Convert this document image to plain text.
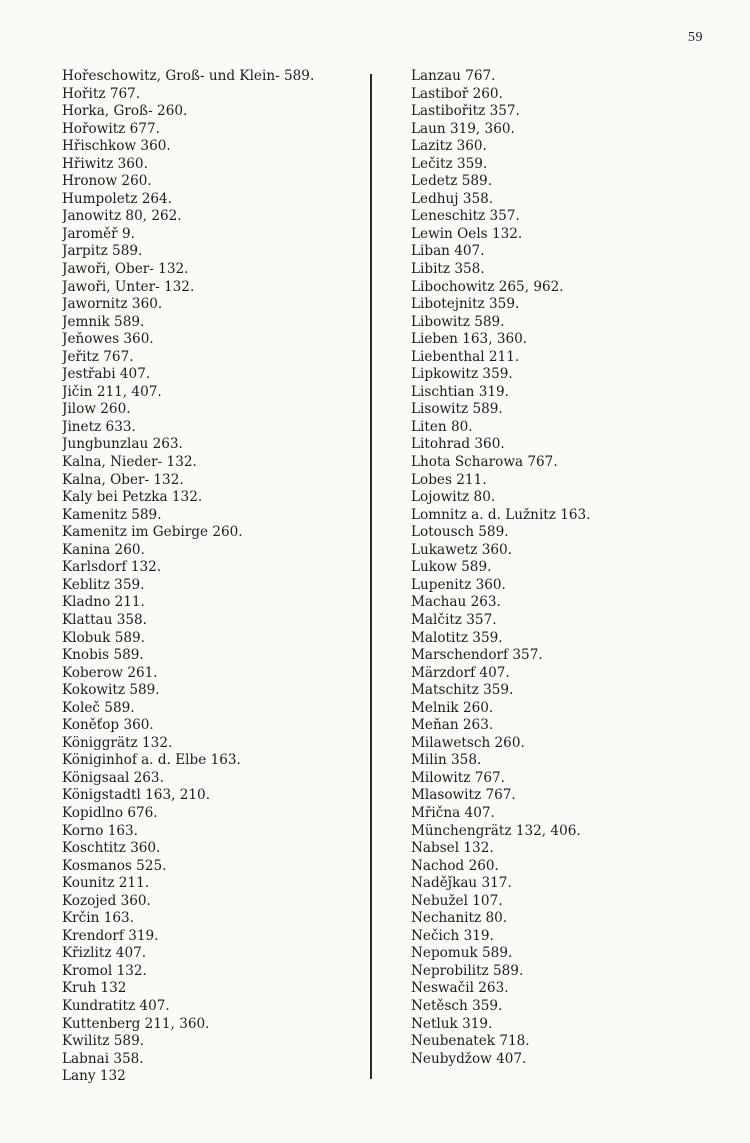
59
Hořeschowitz, Groß- und Klein- 589.
Hořitz 767.
Horka, Groß- 260.
Hořowitz 677.
Hřischkow 360.
Hřiwitz 360.
Hronow 260.
Humpoletz 264.
Janowitz 80, 262.
Jaroměř 9.
Jarpitz 589.
Jawoři, Ober- 132.
Jawoři, Unter- 132.
Jawornitz 360.
Jemnik 589.
Jeňowes 360.
Jeřitz 767.
Jestřabi 407.
Jičin 211, 407.
Jilow 260.
Jinetz 633.
Jungbunzlau 263.
Kalna, Nieder- 132.
Kalna, Ober- 132.
Kaly bei Petzka 132.
Kamenitz 589.
Kamenitz im Gebirge 260.
Kanina 260.
Karlsdorf 132.
Keblitz 359.
Kladno 211.
Klattau 358.
Klobuk 589.
Knobis 589.
Koberow 261.
Kokowitz 589.
Koleč 589.
Koněťop 360.
Königgrätz 132.
Königinhof a. d. Elbe 163.
Königsaal 263.
Königstadtl 163, 210.
Kopidlno 676.
Korno 163.
Koschtitz 360.
Kosmanos 525.
Kounitz 211.
Kozojed 360.
Krčin 163.
Krendorf 319.
Křizlitz 407.
Kromol 132.
Kruh 132
Kundratitz 407.
Kuttenberg 211, 360.
Kwilitz 589.
Labnai 358.
Lany 132
Lanzau 767.
Lastiboř 260.
Lastibořitz 357.
Laun 319, 360.
Lazitz 360.
Lečitz 359.
Ledetz 589.
Ledhuj 358.
Leneschitz 357.
Lewin Oels 132.
Liban 407.
Libitz 358.
Libochowitz 265, 962.
Libotejnitz 359.
Libowitz 589.
Lieben 163, 360.
Liebenthal 211.
Lipkowitz 359.
Lischtian 319.
Lisowitz 589.
Liten 80.
Litohrad 360.
Lhota Scharowa 767.
Lobes 211.
Lojowitz 80.
Lomnitz a. d. Lužnitz 163.
Lotousch 589.
Lukawetz 360.
Lukow 589.
Lupenitz 360.
Machau 263.
Malčitz 357.
Malotitz 359.
Marschendorf 357.
Märzdorf 407.
Matschitz 359.
Melnik 260.
Meňan 263.
Milawetsch 260.
Milin 358.
Milowitz 767.
Mlasowitz 767.
Mřična 407.
Münchengrätz 132, 406.
Nabsel 132.
Nachod 260.
Naděǰkau 317.
Nebužel 107.
Nechanitz 80.
Nečich 319.
Nepomuk 589.
Neprobilitz 589.
Neswačil 263.
Netěsch 359.
Netluk 319.
Neubenatek 718.
Neubydžow 407.
